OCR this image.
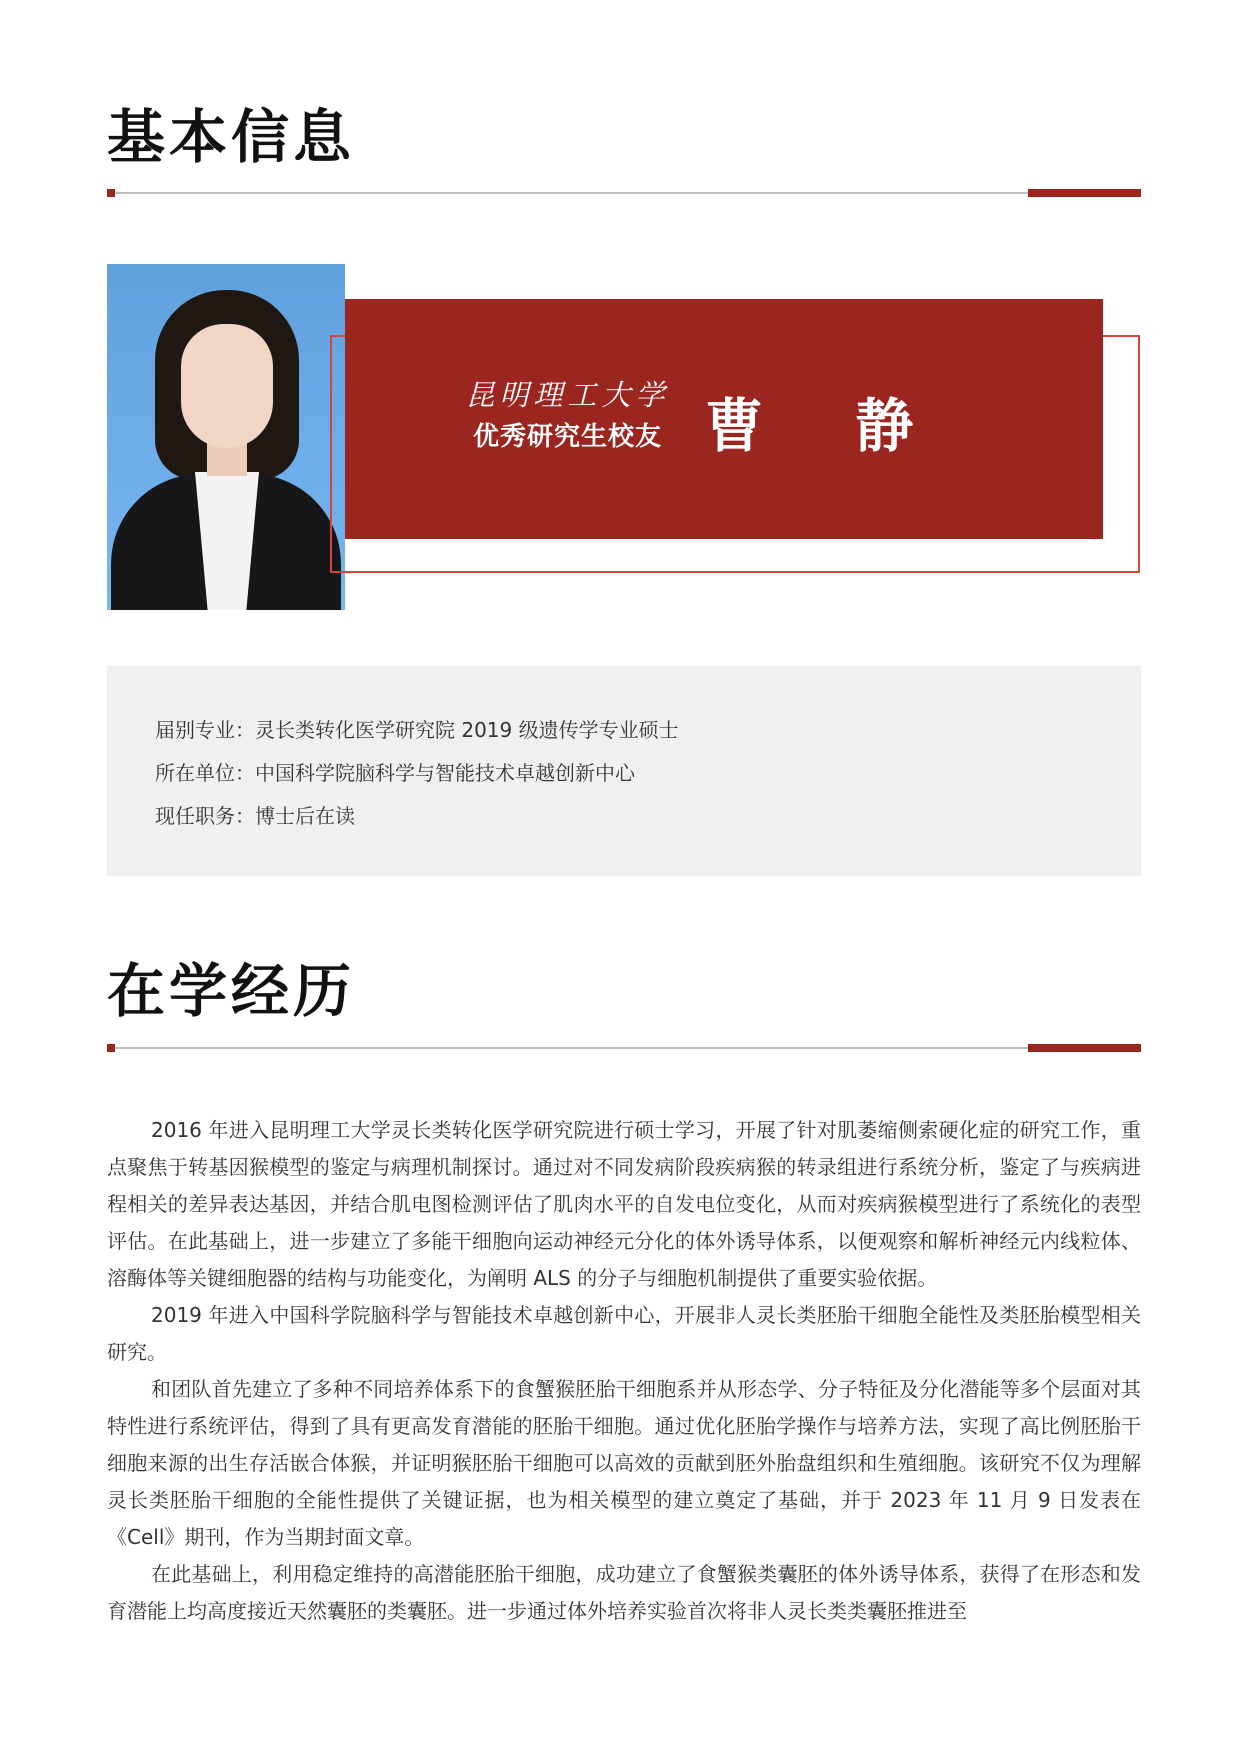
基本信息
昆明理工大学
优秀研究生校友 曹 静
届别专业：灵长类转化医学研究院 2019 级遗传学专业硕士
所在单位：中国科学院脑科学与智能技术卓越创新中心
现任职务：博士后在读
在学经历

2016 年进入昆明理工大学灵长类转化医学研究院进行硕士学习，开展了针对肌萎缩侧索硬化症的研究工作，重点聚焦于转基因猴模型的鉴定与病理机制探讨。通过对不同发病阶段疾病猴的转录组进行系统分析，鉴定了与疾病进程相关的差异表达基因，并结合肌电图检测评估了肌肉水平的自发电位变化，从而对疾病猴模型进行了系统化的表型评估。在此基础上，进一步建立了多能干细胞向运动神经元分化的体外诱导体系，以便观察和解析神经元内线粒体、溶酶体等关键细胞器的结构与功能变化，为阐明 ALS 的分子与细胞机制提供了重要实验依据。

2019 年进入中国科学院脑科学与智能技术卓越创新中心，开展非人灵长类胚胎干细胞全能性及类胚胎模型相关研究。

和团队首先建立了多种不同培养体系下的食蟹猴胚胎干细胞系并从形态学、分子特征及分化潜能等多个层面对其特性进行系统评估，得到了具有更高发育潜能的胚胎干细胞。通过优化胚胎学操作与培养方法，实现了高比例胚胎干细胞来源的出生存活嵌合体猴，并证明猴胚胎干细胞可以高效的贡献到胚外胎盘组织和生殖细胞。该研究不仅为理解灵长类胚胎干细胞的全能性提供了关键证据，也为相关模型的建立奠定了基础，并于 2023 年 11 月 9 日发表在《Cell》期刊，作为当期封面文章。

在此基础上，利用稳定维持的高潜能胚胎干细胞，成功建立了食蟹猴类囊胚的体外诱导体系，获得了在形态和发育潜能上均高度接近天然囊胚的类囊胚。进一步通过体外培养实验首次将非人灵长类类囊胚推进至
